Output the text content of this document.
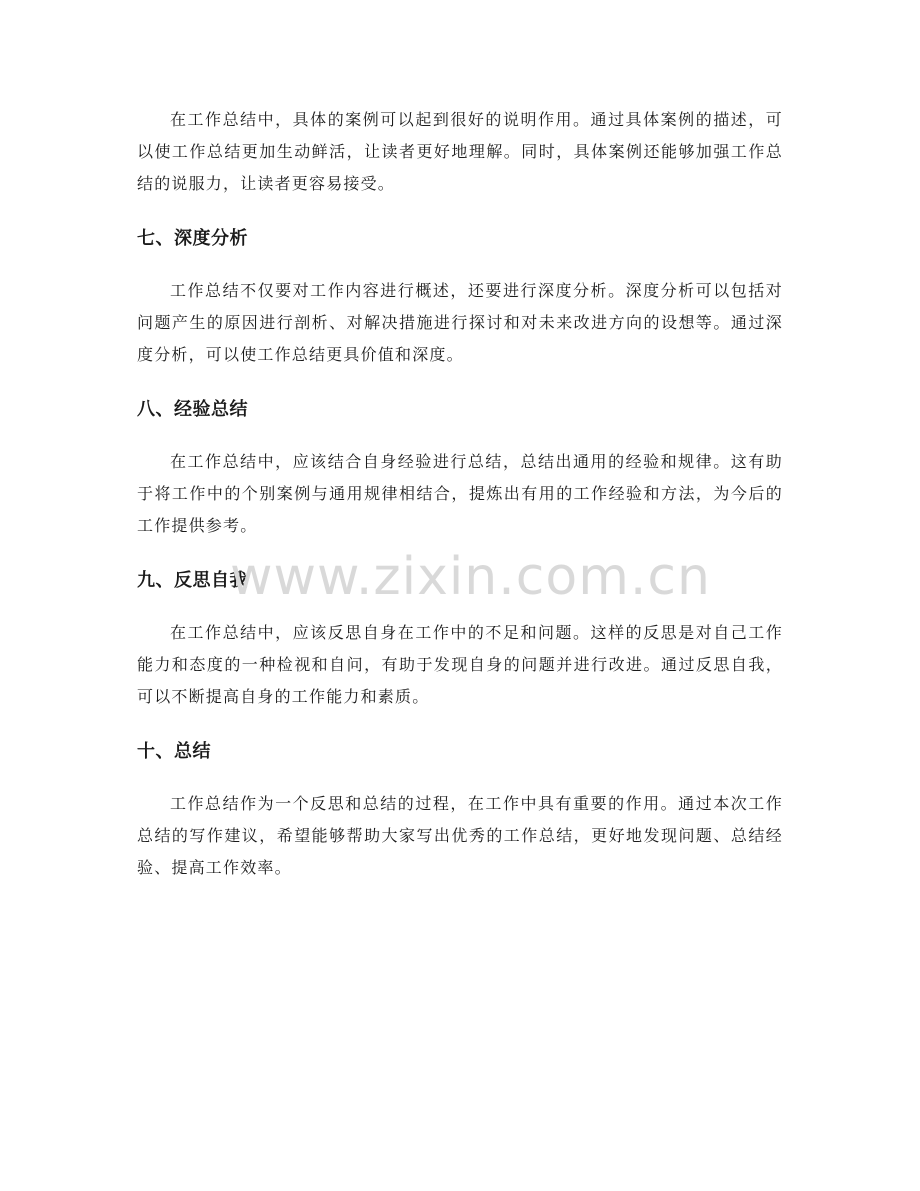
在工作总结中，具体的案例可以起到很好的说明作用。通过具体案例的描述，可以使工作总结更加生动鲜活，让读者更好地理解。同时，具体案例还能够加强工作总结的说服力，让读者更容易接受。

七、深度分析

工作总结不仅要对工作内容进行概述，还要进行深度分析。深度分析可以包括对问题产生的原因进行剖析、对解决措施进行探讨和对未来改进方向的设想等。通过深度分析，可以使工作总结更具价值和深度。

八、经验总结

在工作总结中，应该结合自身经验进行总结，总结出通用的经验和规律。这有助于将工作中的个别案例与通用规律相结合，提炼出有用的工作经验和方法，为今后的工作提供参考。

九、反思自我

在工作总结中，应该反思自身在工作中的不足和问题。这样的反思是对自己工作能力和态度的一种检视和自问，有助于发现自身的问题并进行改进。通过反思自我，可以不断提高自身的工作能力和素质。

十、总结

工作总结作为一个反思和总结的过程，在工作中具有重要的作用。通过本次工作总结的写作建议，希望能够帮助大家写出优秀的工作总结，更好地发现问题、总结经验、提高工作效率。

www.zixin.com.cn
